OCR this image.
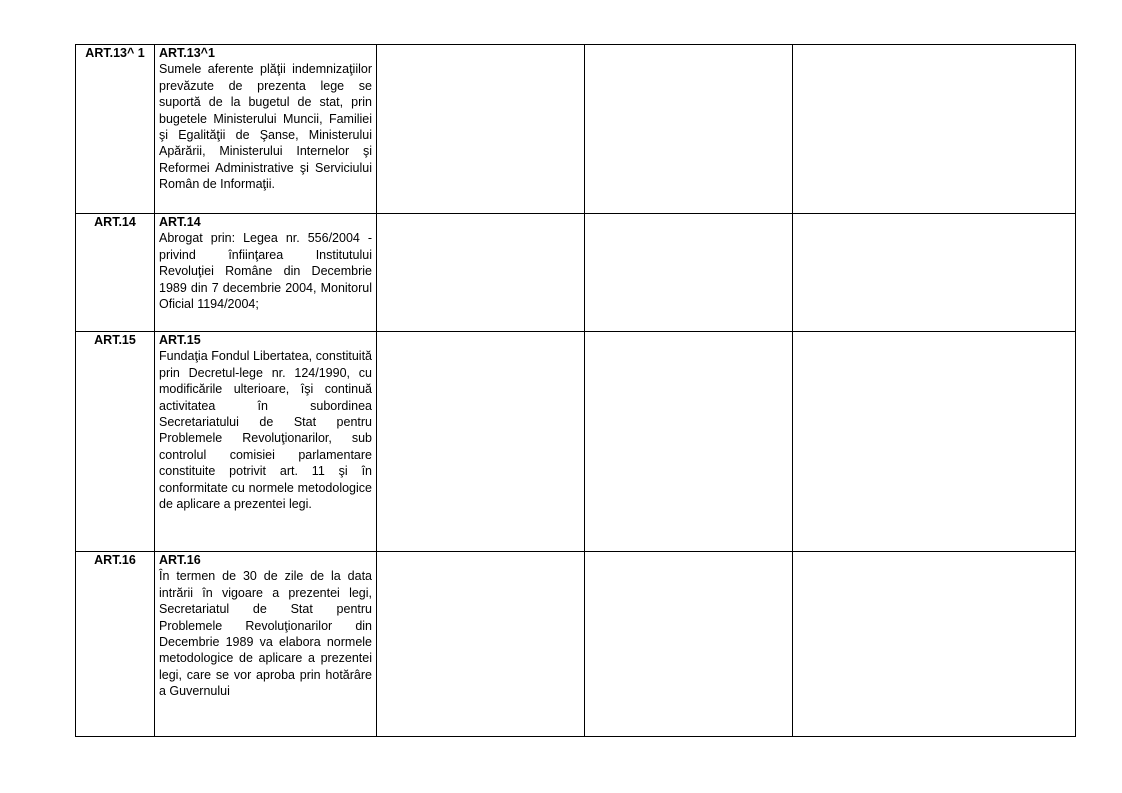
ART.13^ 1	ART.13^1
Sumele aferente plăţii indemnizaţiilor prevăzute de prezenta lege se suportă de la bugetul de stat, prin bugetele Ministerului Muncii, Familiei şi Egalităţii de Şanse, Ministerului Apărării, Ministerului Internelor şi Reformei Administrative şi Serviciului Român de Informaţii.			

ART.14	ART.14
Abrogat prin: Legea nr. 556/2004 - privind înfiinţarea Institutului Revoluţiei Române din Decembrie 1989 din 7 decembrie 2004, Monitorul Oficial 1194/2004;			

ART.15	ART.15
Fundaţia Fondul Libertatea, constituită prin Decretul-lege nr. 124/1990, cu modificările ulterioare, îşi continuă activitatea în subordinea Secretariatului de Stat pentru Problemele Revoluţionarilor, sub controlul comisiei parlamentare constituite potrivit art. 11 şi în conformitate cu normele metodologice de aplicare a prezentei legi.			

ART.16	ART.16
În termen de 30 de zile de la data intrării în vigoare a prezentei legi, Secretariatul de Stat pentru Problemele Revoluţionarilor din Decembrie 1989 va elabora normele metodologice de aplicare a prezentei legi, care se vor aproba prin hotărâre a Guvernului			
